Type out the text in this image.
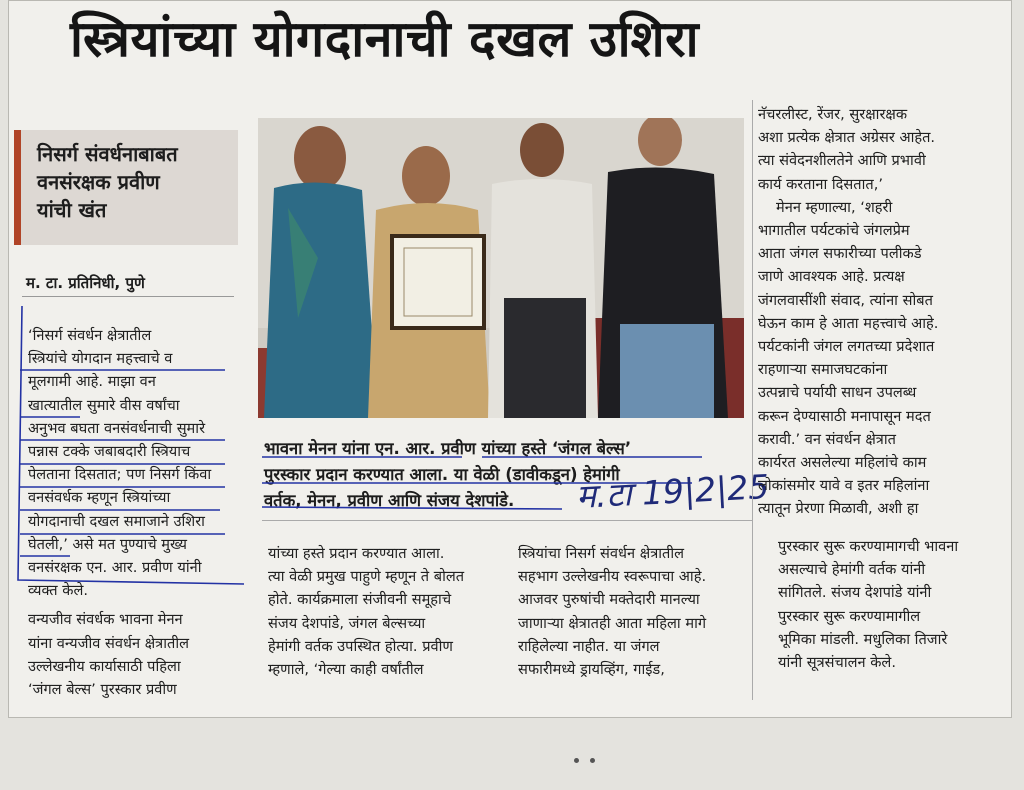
स्त्रियांच्या योगदानाची दखल उशिरा
निसर्ग संवर्धनाबाबत
वनसंरक्षक प्रवीण
यांची खंत
म. टा. प्रतिनिधी, पुणे
‘निसर्ग संवर्धन क्षेत्रातील
स्त्रियांचे योगदान महत्त्वाचे व
मूलगामी आहे. माझा वन
खात्यातील सुमारे वीस वर्षांचा
अनुभव बघता वनसंवर्धनाची सुमारे
पन्नास टक्के जबाबदारी स्त्रियाच
पेलताना दिसतात; पण निसर्ग किंवा
वनसंवर्धक म्हणून स्त्रियांच्या
योगदानाची दखल समाजाने उशिरा
घेतली,’ असे मत पुण्याचे मुख्य
वनसंरक्षक एन. आर. प्रवीण यांनी
व्यक्त केले.
वन्यजीव संवर्धक भावना मेनन
यांना वन्यजीव संवर्धन क्षेत्रातील
उल्लेखनीय कार्यासाठी पहिला
‘जंगल बेल्स’ पुरस्कार प्रवीण
भावना मेनन यांना एन. आर. प्रवीण यांच्या हस्ते ‘जंगल बेल्स’
पुरस्कार प्रदान करण्यात आला. या वेळी (डावीकडून) हेमांगी
वर्तक, मेनन, प्रवीण आणि संजय देशपांडे.	म.टा 19|2|25
नॅचरलीस्ट, रेंजर, सुरक्षारक्षक
अशा प्रत्येक क्षेत्रात अग्रेसर आहेत.
त्या संवेदनशीलतेने आणि प्रभावी
कार्य करताना दिसतात,’
मेनन म्हणाल्या, ‘शहरी
भागातील पर्यटकांचे जंगलप्रेम
आता जंगल सफारीच्या पलीकडे
जाणे आवश्यक आहे. प्रत्यक्ष
जंगलवासींशी संवाद, त्यांना सोबत
घेऊन काम हे आता महत्त्वाचे आहे.
पर्यटकांनी जंगल लगतच्या प्रदेशात
राहणाऱ्या समाजघटकांना
उत्पन्नाचे पर्यायी साधन उपलब्ध
करून देण्यासाठी मनापासून मदत
करावी.’ वन संवर्धन क्षेत्रात
कार्यरत असलेल्या महिलांचे काम
लोकांसमोर यावे व इतर महिलांना
त्यातून प्रेरणा मिळावी, अशी हा
यांच्या हस्ते प्रदान करण्यात आला.
त्या वेळी प्रमुख पाहुणे म्हणून ते बोलत
होते. कार्यक्रमाला संजीवनी समूहाचे
संजय देशपांडे, जंगल बेल्सच्या
हेमांगी वर्तक उपस्थित होत्या. प्रवीण
म्हणाले, ‘गेल्या काही वर्षांतील
स्त्रियांचा निसर्ग संवर्धन क्षेत्रातील
सहभाग उल्लेखनीय स्वरूपाचा आहे.
आजवर पुरुषांची मक्तेदारी मानल्या
जाणाऱ्या क्षेत्रातही आता महिला मागे
राहिलेल्या नाहीत. या जंगल
सफारीमध्ये ड्रायव्हिंग, गाईड,
पुरस्कार सुरू करण्यामागची भावना
असल्याचे हेमांगी वर्तक यांनी
सांगितले. संजय देशपांडे यांनी
पुरस्कार सुरू करण्यामागील
भूमिका मांडली. मधुलिका तिजारे
यांनी सूत्रसंचालन केले.
